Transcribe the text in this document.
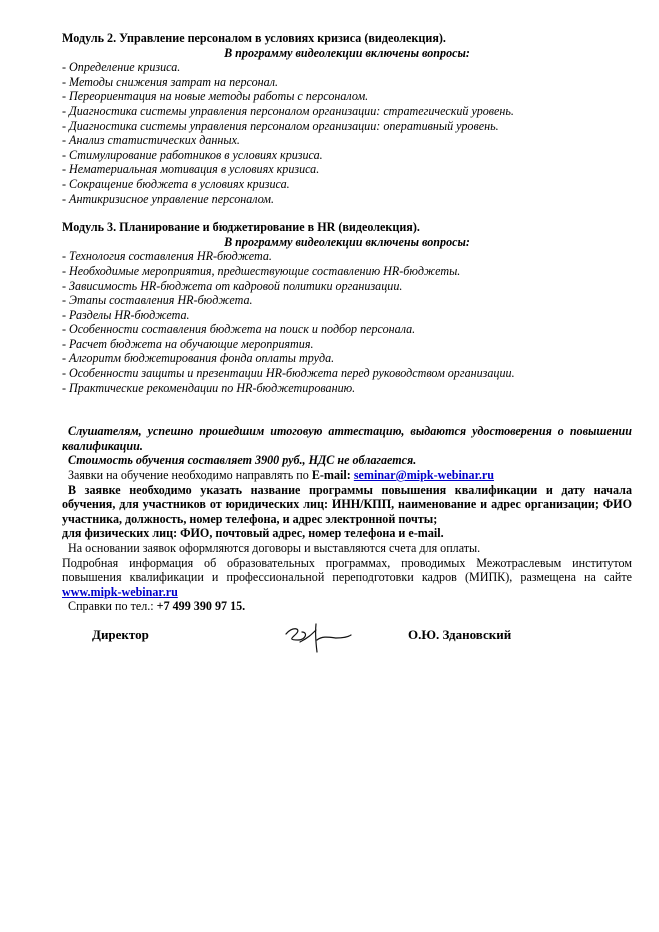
Модуль 2. Управление персоналом в условиях кризиса (видеолекция).
В программу видеолекции включены вопросы:
- Определение кризиса.
- Методы снижения затрат на персонал.
- Переориентация на новые методы работы с персоналом.
- Диагностика системы управления персоналом организации: стратегический уровень.
- Диагностика системы управления персоналом организации: оперативный уровень.
- Анализ статистических данных.
- Стимулирование работников в условиях кризиса.
- Нематериальная мотивация в условиях кризиса.
- Сокращение бюджета в условиях кризиса.
- Антикризисное управление персоналом.
Модуль 3. Планирование и бюджетирование в HR (видеолекция).
В программу видеолекции включены вопросы:
- Технология составления HR-бюджета.
- Необходимые мероприятия, предшествующие составлению HR-бюджеты.
- Зависимость HR-бюджета от кадровой политики организации.
- Этапы составления HR-бюджета.
- Разделы HR-бюджета.
- Особенности составления бюджета на поиск и подбор персонала.
- Расчет бюджета на обучающие мероприятия.
- Алгоритм бюджетирования фонда оплаты труда.
- Особенности защиты и презентации HR-бюджета перед руководством организации.
- Практические рекомендации по HR-бюджетированию.

Слушателям, успешно прошедшим итоговую аттестацию, выдаются удостоверения о повышении квалификации.

Стоимость обучения составляет 3900 руб., НДС не облагается.

Заявки на обучение необходимо направлять по E-mail: seminar@mipk-webinar.ru

В заявке необходимо указать название программы повышения квалификации и дату начала обучения, для участников от юридических лиц: ИНН/КПП, наименование и адрес организации; ФИО участника, должность, номер телефона, и адрес электронной почты;

для физических лиц: ФИО, почтовый адрес, номер телефона и e-mail.

На основании заявок оформляются договоры и выставляются счета для оплаты.

Подробная информация об образовательных программах, проводимых Межотраслевым институтом повышения квалификации и профессиональной переподготовки кадров (МИПК), размещена на сайте www.mipk-webinar.ru

Справки по тел.: +7 499 390 97 15.

Директор	О.Ю. Здановский
